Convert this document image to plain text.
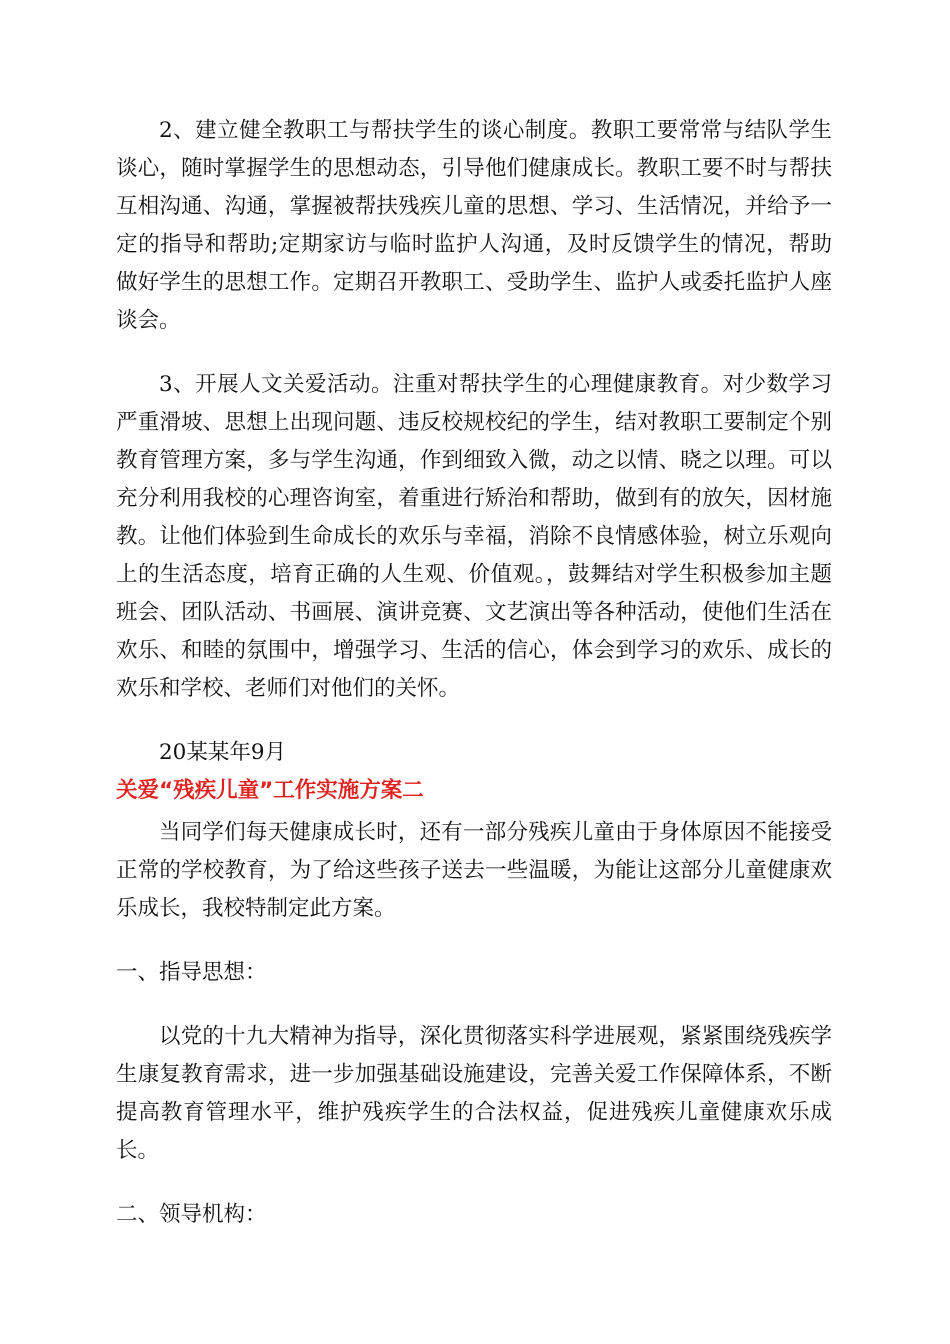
2、建立健全教职工与帮扶学生的谈心制度。教职工要常常与结队学生谈心，随时掌握学生的思想动态，引导他们健康成长。教职工要不时与帮扶互相沟通、沟通，掌握被帮扶残疾儿童的思想、学习、生活情况，并给予一定的指导和帮助;定期家访与临时监护人沟通，及时反馈学生的情况，帮助做好学生的思想工作。定期召开教职工、受助学生、监护人或委托监护人座谈会。

3、开展人文关爱活动。注重对帮扶学生的心理健康教育。对少数学习严重滑坡、思想上出现问题、违反校规校纪的学生，结对教职工要制定个别教育管理方案，多与学生沟通，作到细致入微，动之以情、晓之以理。可以充分利用我校的心理咨询室，着重进行矫治和帮助，做到有的放矢，因材施教。让他们体验到生命成长的欢乐与幸福，消除不良情感体验，树立乐观向上的生活态度，培育正确的人生观、价值观。，鼓舞结对学生积极参加主题班会、团队活动、书画展、演讲竞赛、文艺演出等各种活动，使他们生活在欢乐、和睦的氛围中，增强学习、生活的信心，体会到学习的欢乐、成长的欢乐和学校、老师们对他们的关怀。

20某某年9月

关爱“残疾儿童”工作实施方案二

当同学们每天健康成长时，还有一部分残疾儿童由于身体原因不能接受正常的学校教育，为了给这些孩子送去一些温暖，为能让这部分儿童健康欢乐成长，我校特制定此方案。

一、指导思想：

以党的十九大精神为指导，深化贯彻落实科学进展观，紧紧围绕残疾学生康复教育需求，进一步加强基础设施建设，完善关爱工作保障体系，不断提高教育管理水平，维护残疾学生的合法权益，促进残疾儿童健康欢乐成长。

二、领导机构：
